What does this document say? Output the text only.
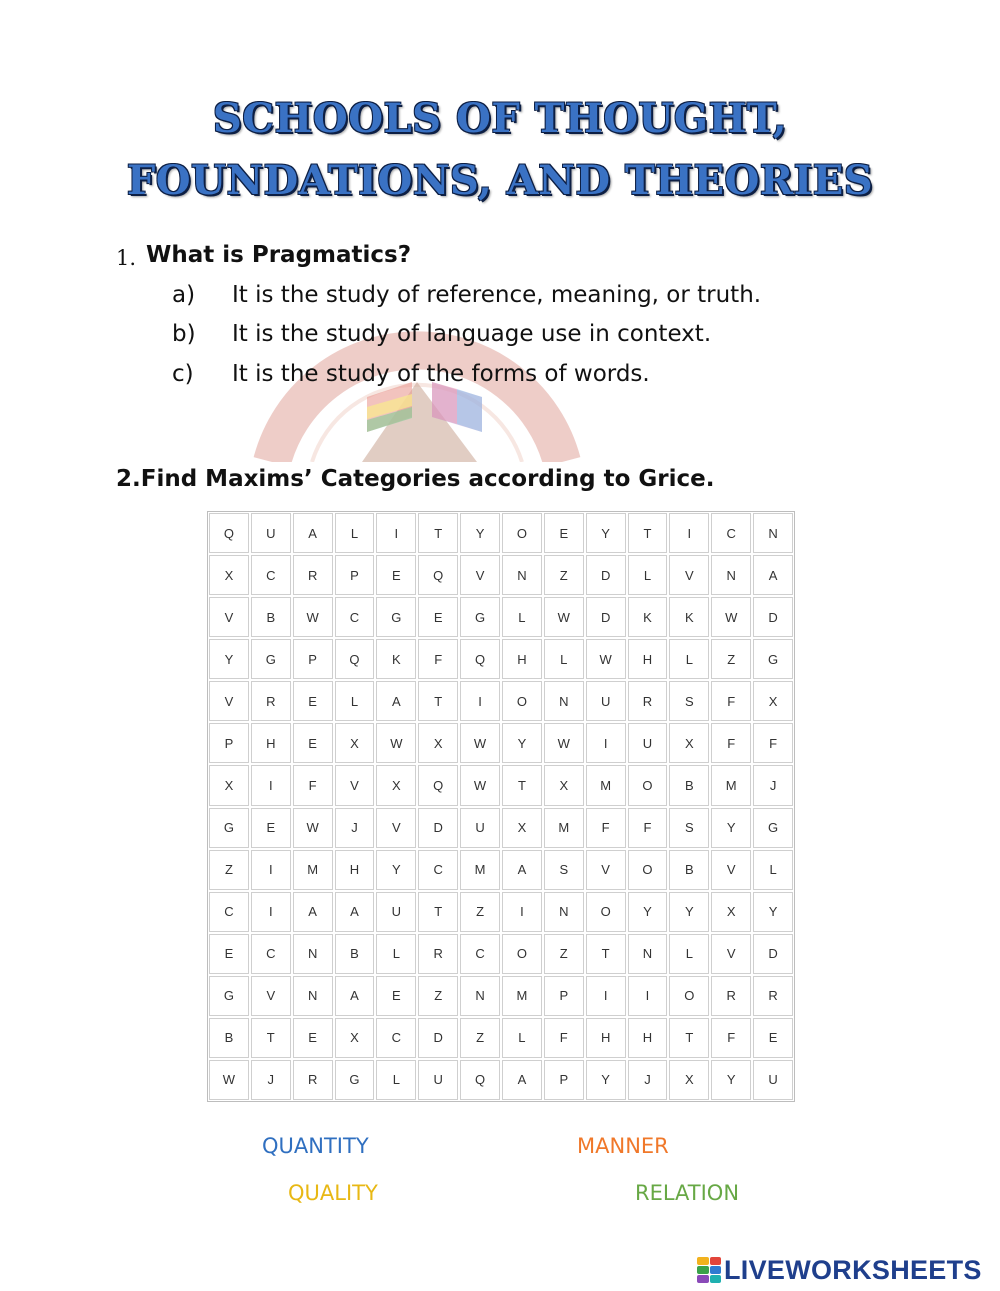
SCHOOLS OF THOUGHT,
FOUNDATIONS, AND THEORIES
1. What is Pragmatics?
a) It is the study of reference, meaning, or truth.
b) It is the study of language use in context.
c) It is the study of the forms of words.
2.Find Maxims’ Categories according to Grice.
Q	U	A	L	I	T	Y	O	E	Y	T	I	C	N
X	C	R	P	E	Q	V	N	Z	D	L	V	N	A
V	B	W	C	G	E	G	L	W	D	K	K	W	D
Y	G	P	Q	K	F	Q	H	L	W	H	L	Z	G
V	R	E	L	A	T	I	O	N	U	R	S	F	X
P	H	E	X	W	X	W	Y	W	I	U	X	F	F
X	I	F	V	X	Q	W	T	X	M	O	B	M	J
G	E	W	J	V	D	U	X	M	F	F	S	Y	G
Z	I	M	H	Y	C	M	A	S	V	O	B	V	L
C	I	A	A	U	T	Z	I	N	O	Y	Y	X	Y
E	C	N	B	L	R	C	O	Z	T	N	L	V	D
G	V	N	A	E	Z	N	M	P	I	I	O	R	R
B	T	E	X	C	D	Z	L	F	H	H	T	F	E
W	J	R	G	L	U	Q	A	P	Y	J	X	Y	U
QUANTITY	MANNER
QUALITY	RELATION
LIVEWORKSHEETS
